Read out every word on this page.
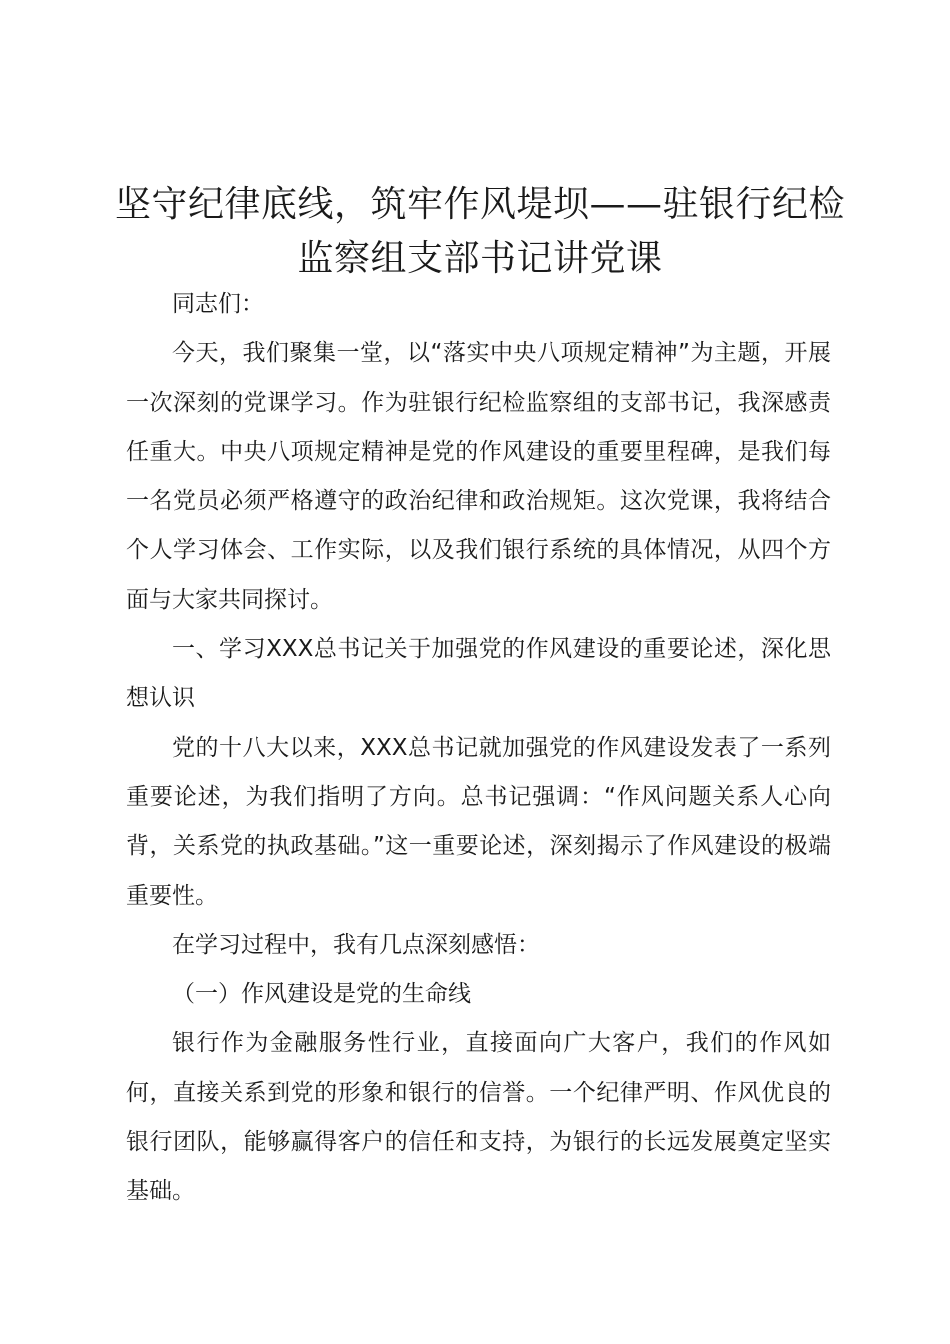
坚守纪律底线，筑牢作风堤坝——驻银行纪检监察组支部书记讲党课

同志们：

今天，我们聚集一堂，以“落实中央八项规定精神”为主题，开展一次深刻的党课学习。作为驻银行纪检监察组的支部书记，我深感责任重大。中央八项规定精神是党的作风建设的重要里程碑，是我们每一名党员必须严格遵守的政治纪律和政治规矩。这次党课，我将结合个人学习体会、工作实际，以及我们银行系统的具体情况，从四个方面与大家共同探讨。

一、学习XXX总书记关于加强党的作风建设的重要论述，深化思想认识

党的十八大以来，XXX总书记就加强党的作风建设发表了一系列重要论述，为我们指明了方向。总书记强调：“作风问题关系人心向背，关系党的执政基础。”这一重要论述，深刻揭示了作风建设的极端重要性。

在学习过程中，我有几点深刻感悟：

（一）作风建设是党的生命线

银行作为金融服务性行业，直接面向广大客户，我们的作风如何，直接关系到党的形象和银行的信誉。一个纪律严明、作风优良的银行团队，能够赢得客户的信任和支持，为银行的长远发展奠定坚实基础。
